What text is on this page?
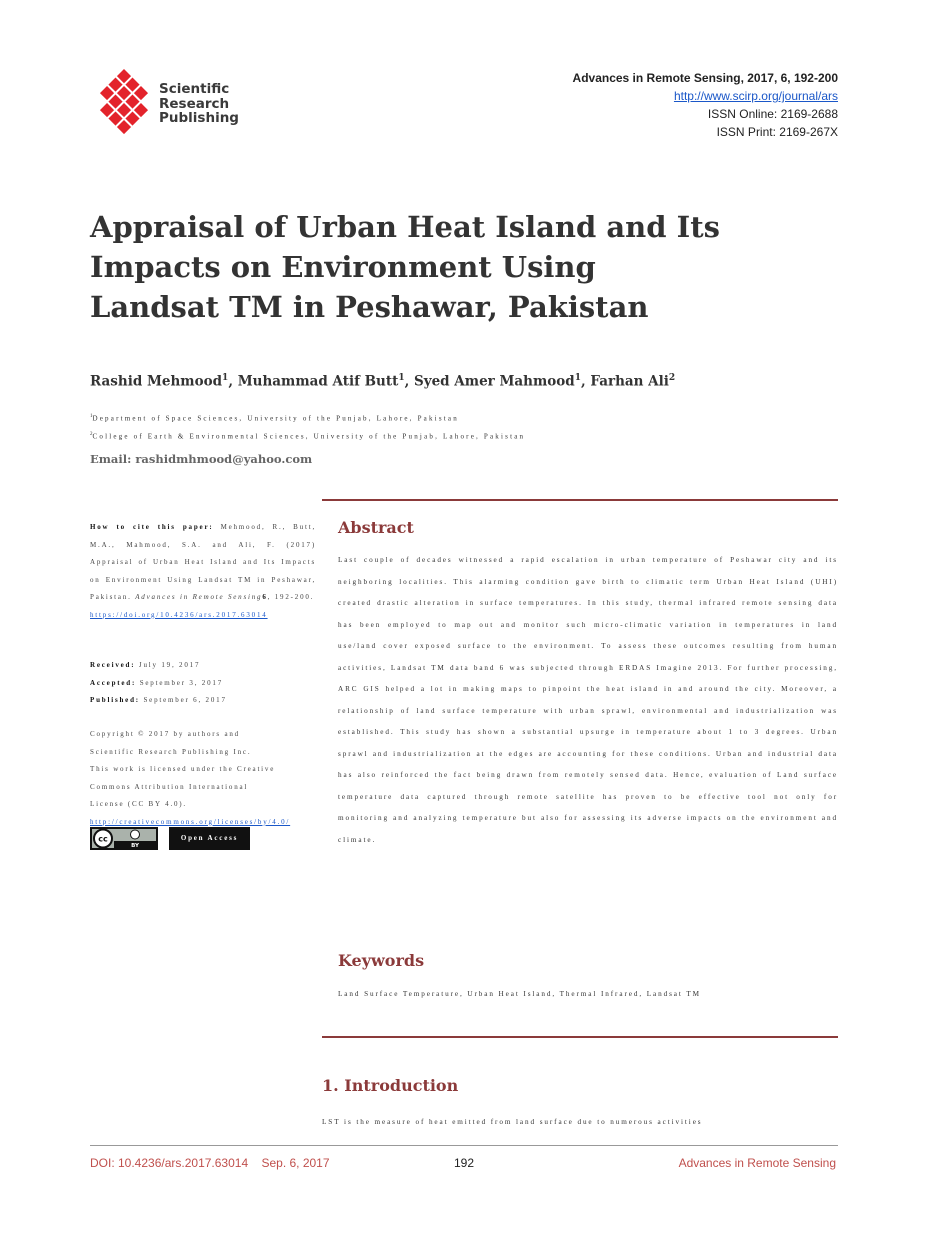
Scientific
Research
Publishing
Advances in Remote Sensing, 2017, 6, 192-200
http://www.scirp.org/journal/ars
ISSN Online: 2169-2688
ISSN Print: 2169-267X
Appraisal of Urban Heat Island and Its Impacts on Environment Using Landsat TM in Peshawar, Pakistan
Rashid Mehmood$^1$, Muhammad Atif Butt$^1$, Syed Amer Mahmood$^1$, Farhan Ali$^2$
$^1$Department of Space Sciences, University of the Punjab, Lahore, Pakistan
$^2$College of Earth & Environmental Sciences, University of the Punjab, Lahore, Pakistan
Email: rashidmhmood@yahoo.com
How to cite this paper: Mehmood, R., Butt, M.A., Mahmood, S.A. and Ali, F. (2017) Appraisal of Urban Heat Island and Its Impacts on Environment Using Landsat TM in Peshawar, Pakistan. Advances in Remote Sensing6, 192-200.
https://doi.org/10.4236/ars.2017.63014
Received: July 19, 2017
Accepted: September 3, 2017
Published: September 6, 2017
Copyright © 2017 by authors and
Scientific Research Publishing Inc.
This work is licensed under the Creative
Commons Attribution International
License (CC BY 4.0).
http://creativecommons.org/licenses/by/4.0/
cc
BY
Open Access
Abstract
Last couple of decades witnessed a rapid escalation in urban temperature of Peshawar city and its neighboring localities. This alarming condition gave birth to climatic term Urban Heat Island (UHI) created drastic alteration in surface temperatures. In this study, thermal infrared remote sensing data has been employed to map out and monitor such micro-climatic variation in temperatures in land use/land cover exposed surface to the environment. To assess these outcomes resulting from human activities, Landsat TM data band 6 was subjected through ERDAS Imagine 2013. For further processing, ARC GIS helped a lot in making maps to pinpoint the heat island in and around the city. Moreover, a relationship of land surface temperature with urban sprawl, environmental and industrialization was established. This study has shown a substantial upsurge in temperature about 1 to 3 degrees. Urban sprawl and industrialization at the edges are accounting for these conditions. Urban and industrial data has also reinforced the fact being drawn from remotely sensed data. Hence, evaluation of Land surface temperature data captured through remote satellite has proven to be effective tool not only for monitoring and analyzing temperature but also for assessing its adverse impacts on the environment and climate.
Keywords
Land Surface Temperature, Urban Heat Island, Thermal Infrared, Landsat TM
1. Introduction
LST is the measure of heat emitted from land surface due to numerous activities
DOI: 10.4236/ars.2017.63014 Sep. 6, 2017	192	Advances in Remote Sensing
